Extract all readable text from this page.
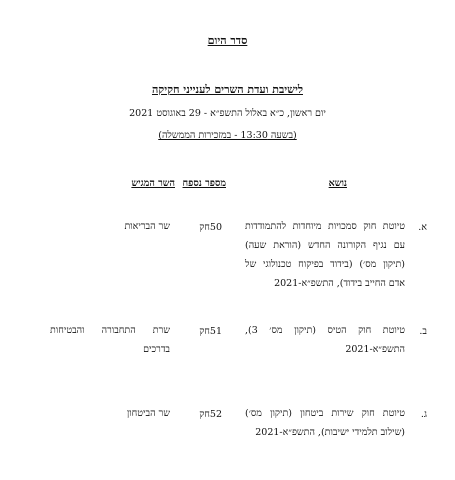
סדר היום
לישיבת ועדת השרים לענייני חקיקה
יום ראשון, כ״א באלול התשפ״א - 29 באוגוסט 2021
(בשעה 13:30 - במזכירות הממשלה)
נושא
מספר נספח
השר המגיש
א.
טיוטת חוק סמכויות מיוחדות להתמודדות עם נגיף הקורונה החדש (הוראת שעה) (תיקון מס׳) (בידוד בפיקוח טכנולוגי של אדם החייב בידוד), התשפ״א-2021
50חק
שר הבריאות
ב.
טיוטת חוק הטיס (תיקון מס׳ 3), התשפ״א-2021
51חק
שרת התחבורה והבטיחות בדרכים
ג.
טיוטת חוק שירות ביטחון (תיקון מס׳) (שילוב תלמידי ישיבות), התשפ״א-2021
52חק
שר הביטחון
